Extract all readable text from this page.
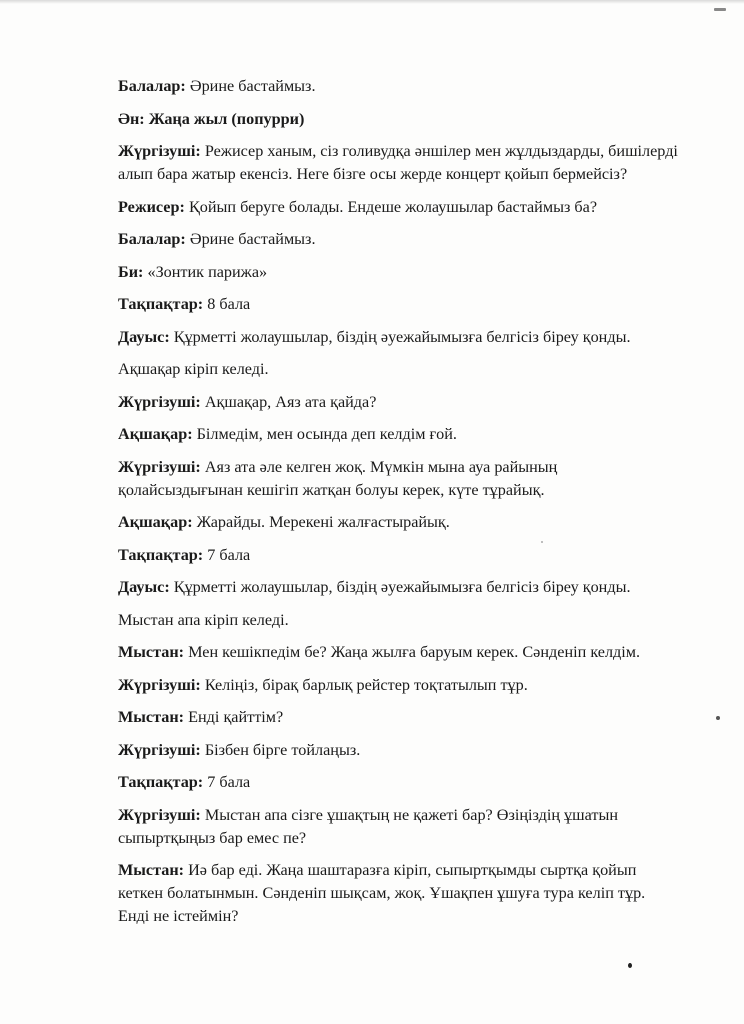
Балалар: Әрине бастаймыз.

Ән: Жаңа жыл (попурри)

Жүргізуші: Режисер ханым, сіз голивудқа әншілер мен жұлдыздарды, бишілерді алып бара жатыр екенсіз. Неге бізге осы жерде концерт қойып бермейсіз?

Режисер: Қойып беруге болады. Ендеше жолаушылар бастаймыз ба?

Балалар: Әрине бастаймыз.

Би: «Зонтик парижа»

Тақпақтар: 8 бала

Дауыс: Құрметті жолаушылар, біздің әуежайымызға белгісіз біреу қонды.

Ақшақар кіріп келеді.

Жүргізуші: Ақшақар, Аяз ата қайда?

Ақшақар: Білмедім, мен осында деп келдім ғой.

Жүргізуші: Аяз ата әле келген жоқ. Мүмкін мына ауа райының қолайсыздығынан кешігіп жатқан болуы керек, күте тұрайық.

Ақшақар: Жарайды. Мерекені жалғастырайық.

Тақпақтар: 7 бала

Дауыс: Құрметті жолаушылар, біздің әуежайымызға белгісіз біреу қонды.

Мыстан апа кіріп келеді.

Мыстан: Мен кешікпедім бе? Жаңа жылға баруым керек. Сәнденіп келдім.

Жүргізуші: Келіңіз, бірақ барлық рейстер тоқтатылып тұр.

Мыстан: Енді қайттім?

Жүргізуші: Бізбен бірге тойлаңыз.

Тақпақтар: 7 бала

Жүргізуші: Мыстан апа сізге ұшақтың не қажеті бар? Өзіңіздің ұшатын сыпыртқыңыз бар емес пе?

Мыстан: Иә бар еді. Жаңа шаштаразға кіріп, сыпыртқымды сыртқа қойып кеткен болатынмын. Сәнденіп шықсам, жоқ. Ұшақпен ұшуға тура келіп тұр. Енді не істеймін?
